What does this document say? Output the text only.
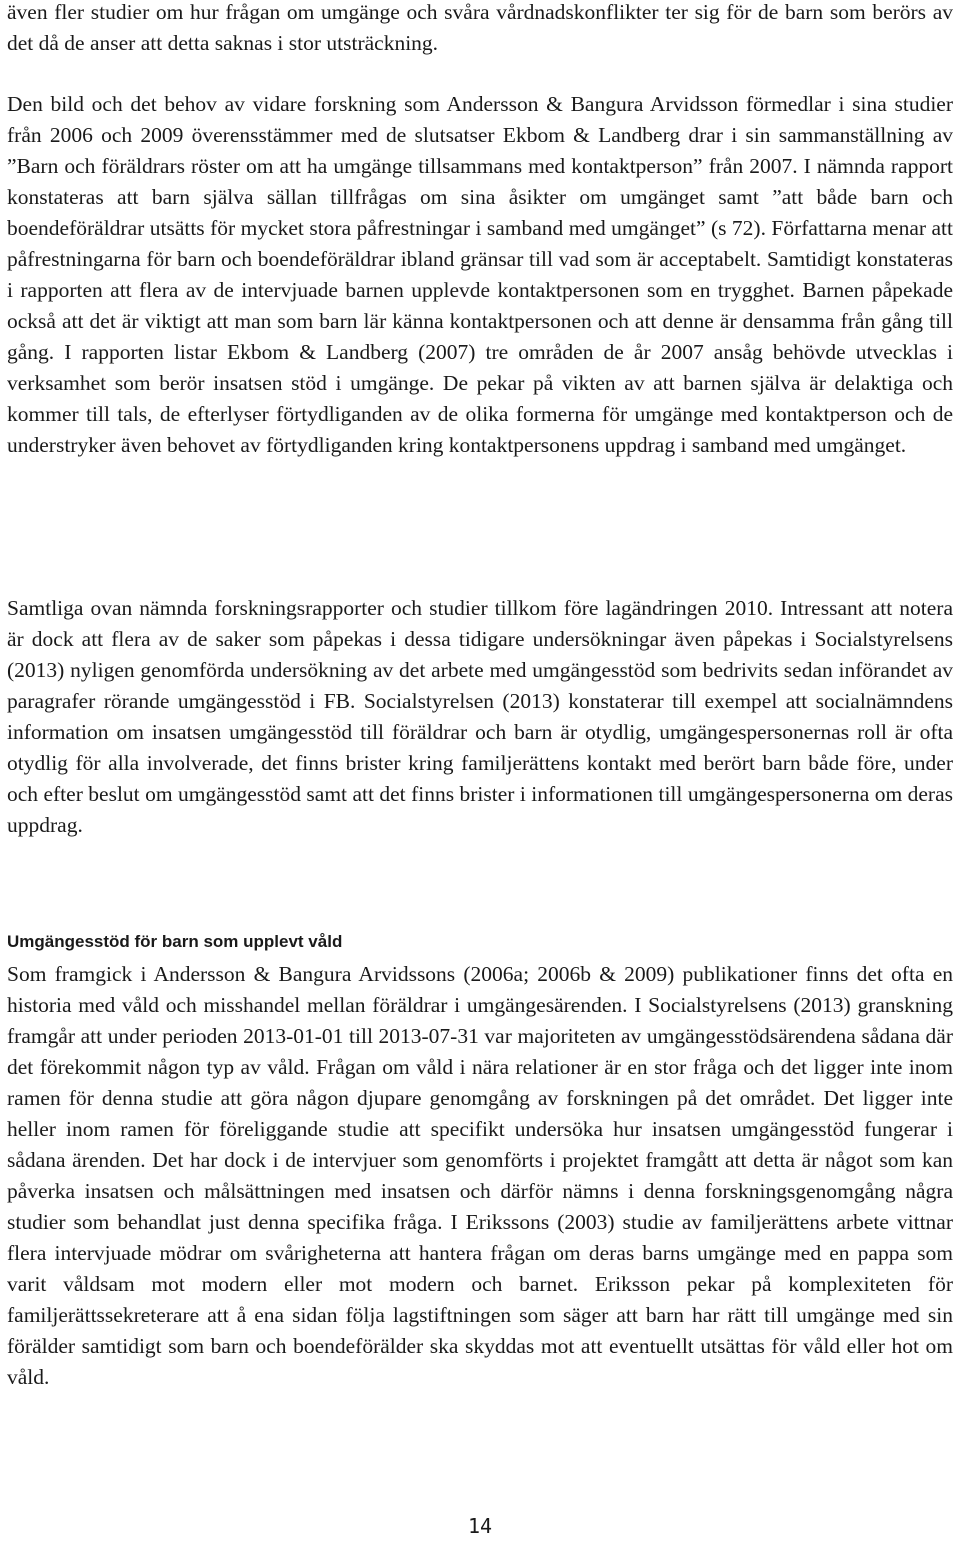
även fler studier om hur frågan om umgänge och svåra vårdnadskonflikter ter sig för de barn som berörs av det då de anser att detta saknas i stor utsträckning.

Den bild och det behov av vidare forskning som Andersson & Bangura Arvidsson förmedlar i sina studier från 2006 och 2009 överensstämmer med de slutsatser Ekbom & Landberg drar i sin sammanställning av ”Barn och föräldrars röster om att ha umgänge tillsammans med kontaktperson” från 2007. I nämnda rapport konstateras att barn själva sällan tillfrågas om sina åsikter om umgänget samt ”att både barn och boendeföräldrar utsätts för mycket stora påfrestningar i samband med umgänget” (s 72). Författarna menar att påfrestningarna för barn och boendeföräldrar ibland gränsar till vad som är acceptabelt. Samtidigt konstateras i rapporten att flera av de intervjuade barnen upplevde kontaktpersonen som en trygghet. Barnen påpekade också att det är viktigt att man som barn lär känna kontaktpersonen och att denne är densamma från gång till gång. I rapporten listar Ekbom & Landberg (2007) tre områden de år 2007 ansåg behövde utvecklas i verksamhet som berör insatsen stöd i umgänge. De pekar på vikten av att barnen själva är delaktiga och kommer till tals, de efterlyser förtydliganden av de olika formerna för umgänge med kontaktperson och de understryker även behovet av förtydliganden kring kontaktpersonens uppdrag i samband med umgänget.

Samtliga ovan nämnda forskningsrapporter och studier tillkom före lagändringen 2010. Intressant att notera är dock att flera av de saker som påpekas i dessa tidigare undersökningar även påpekas i Socialstyrelsens (2013) nyligen genomförda undersökning av det arbete med umgängesstöd som bedrivits sedan införandet av paragrafer rörande umgängesstöd i FB. Socialstyrelsen (2013) konstaterar till exempel att socialnämndens information om insatsen umgängesstöd till föräldrar och barn är otydlig, umgängespersonernas roll är ofta otydlig för alla involverade, det finns brister kring familjerättens kontakt med berört barn både före, under och efter beslut om umgängesstöd samt att det finns brister i informationen till umgängespersonerna om deras uppdrag.

Umgängesstöd för barn som upplevt våld

Som framgick i Andersson & Bangura Arvidssons (2006a; 2006b & 2009) publikationer finns det ofta en historia med våld och misshandel mellan föräldrar i umgängesärenden. I Socialstyrelsens (2013) granskning framgår att under perioden 2013-01-01 till 2013-07-31 var majoriteten av umgängesstödsärendena sådana där det förekommit någon typ av våld. Frågan om våld i nära relationer är en stor fråga och det ligger inte inom ramen för denna studie att göra någon djupare genomgång av forskningen på det området. Det ligger inte heller inom ramen för föreliggande studie att specifikt undersöka hur insatsen umgängesstöd fungerar i sådana ärenden. Det har dock i de intervjuer som genomförts i projektet framgått att detta är något som kan påverka insatsen och målsättningen med insatsen och därför nämns i denna forskningsgenomgång några studier som behandlat just denna specifika fråga. I Erikssons (2003) studie av familjerättens arbete vittnar flera intervjuade mödrar om svårigheterna att hantera frågan om deras barns umgänge med en pappa som varit våldsam mot modern eller mot modern och barnet. Eriksson pekar på komplexiteten för familjerättssekreterare att å ena sidan följa lagstiftningen som säger att barn har rätt till umgänge med sin förälder samtidigt som barn och boendeförälder ska skyddas mot att eventuellt utsättas för våld eller hot om våld.

14
